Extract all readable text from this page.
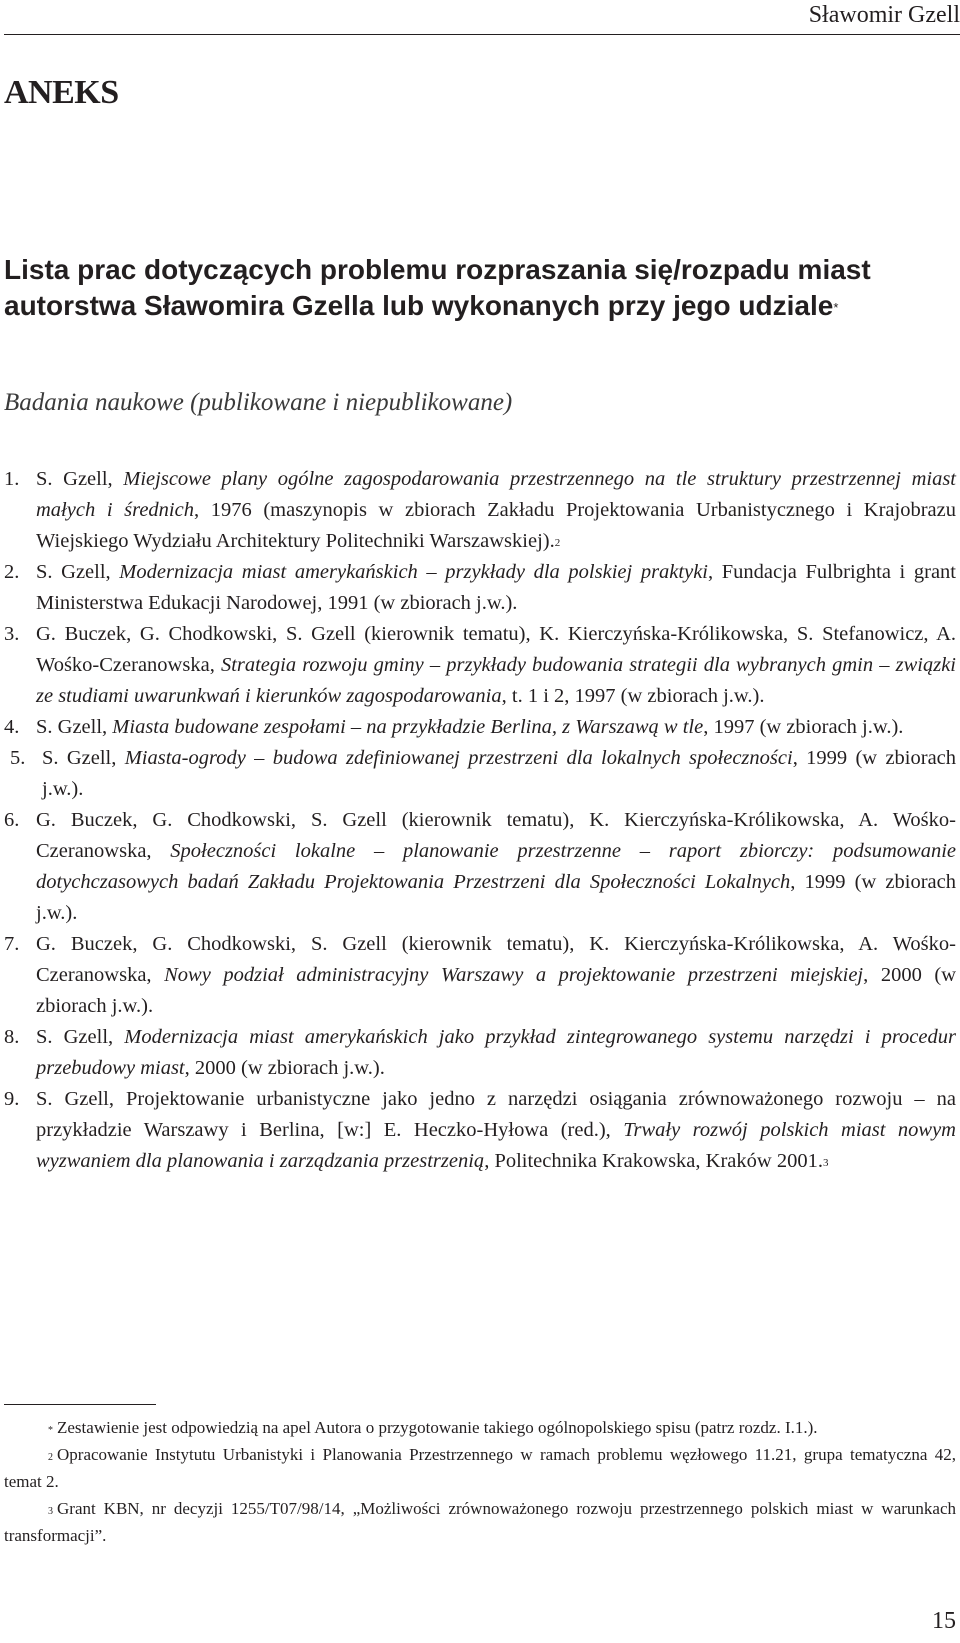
Sławomir Gzell
ANEKS
Lista prac dotyczących problemu rozpraszania się/rozpadu miast autorstwa Sławomira Gzella lub wykonanych przy jego udziale*
Badania naukowe (publikowane i niepublikowane)
1. S. Gzell, Miejscowe plany ogólne zagospodarowania przestrzennego na tle struktury przestrzennej miast małych i średnich, 1976 (maszynopis w zbiorach Zakładu Projektowania Urbanistycznego i Krajobrazu Wiejskiego Wydziału Architektury Politechniki Warszawskiej).$^2$
2. S. Gzell, Modernizacja miast amerykańskich – przykłady dla polskiej praktyki, Fundacja Fulbrighta i grant Ministerstwa Edukacji Narodowej, 1991 (w zbiorach j.w.).
3. G. Buczek, G. Chodkowski, S. Gzell (kierownik tematu), K. Kierczyńska-Królikowska, S. Stefanowicz, A. Wośko-Czeranowska, Strategia rozwoju gminy – przykłady budowania strategii dla wybranych gmin – związki ze studiami uwarunkwań i kierunków zagospodarowania, t. 1 i 2, 1997 (w zbiorach j.w.).
4. S. Gzell, Miasta budowane zespołami – na przykładzie Berlina, z Warszawą w tle, 1997 (w zbiorach j.w.).
5. S. Gzell, Miasta-ogrody – budowa zdefiniowanej przestrzeni dla lokalnych społeczności, 1999 (w zbiorach j.w.).
6. G. Buczek, G. Chodkowski, S. Gzell (kierownik tematu), K. Kierczyńska-Królikowska, A. Wośko-Czeranowska, Społeczności lokalne – planowanie przestrzenne – raport zbiorczy: podsumowanie dotychczasowych badań Zakładu Projektowania Przestrzeni dla Społeczności Lokalnych, 1999 (w zbiorach j.w.).
7. G. Buczek, G. Chodkowski, S. Gzell (kierownik tematu), K. Kierczyńska-Królikowska, A. Wośko-Czeranowska, Nowy podział administracyjny Warszawy a projektowanie przestrzeni miejskiej, 2000 (w zbiorach j.w.).
8. S. Gzell, Modernizacja miast amerykańskich jako przykład zintegrowanego systemu narzędzi i procedur przebudowy miast, 2000 (w zbiorach j.w.).
9. S. Gzell, Projektowanie urbanistyczne jako jedno z narzędzi osiągania zrównoważonego rozwoju – na przykładzie Warszawy i Berlina, [w:] E. Heczko-Hyłowa (red.), Trwały rozwój polskich miast nowym wyzwaniem dla planowania i zarządzania przestrzenią, Politechnika Krakowska, Kraków 2001.$^3$

* Zestawienie jest odpowiedzią na apel Autora o przygotowanie takiego ogólnopolskiego spisu (patrz rozdz. I.1.).

$^2$ Opracowanie Instytutu Urbanistyki i Planowania Przestrzennego w ramach problemu węzłowego 11.21, grupa tematyczna 42, temat 2.

$^3$ Grant KBN, nr decyzji 1255/T07/98/14, „Możliwości zrównoważonego rozwoju przestrzennego polskich miast w warunkach transformacji”.

15
